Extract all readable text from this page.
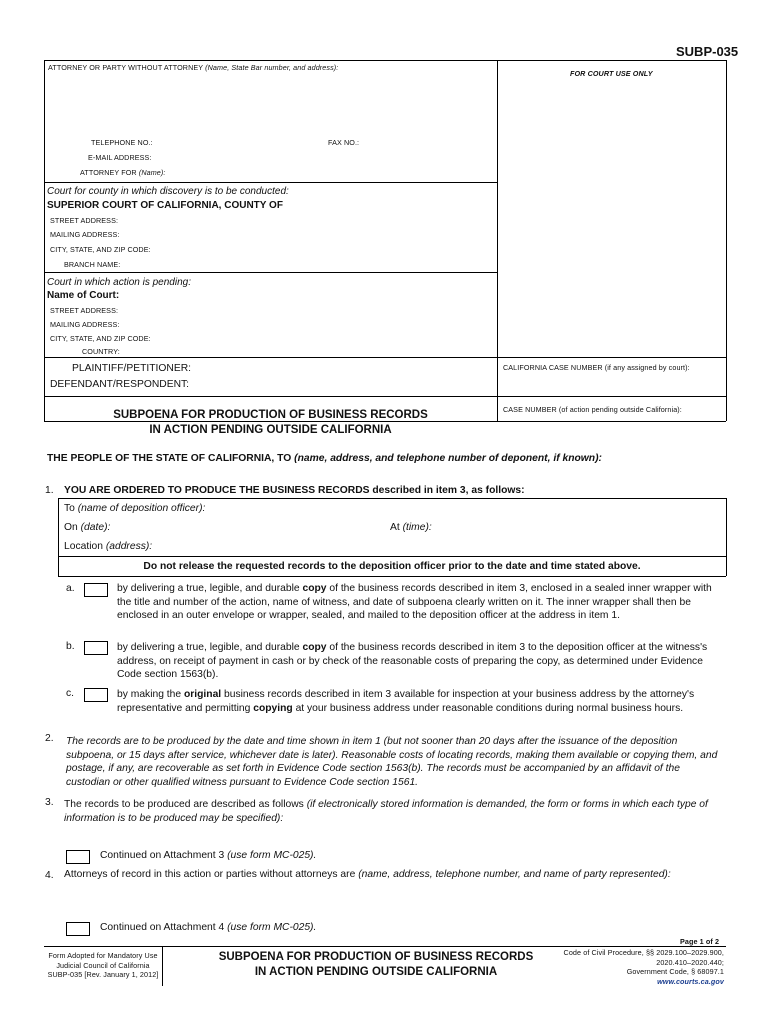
SUBP-035
ATTORNEY OR PARTY WITHOUT ATTORNEY (Name, State Bar number, and address):
FOR COURT USE ONLY
TELEPHONE NO.:	FAX NO.:
E-MAIL ADDRESS:
ATTORNEY FOR (Name):
Court for county in which discovery is to be conducted:
SUPERIOR COURT OF CALIFORNIA, COUNTY OF
STREET ADDRESS:
MAILING ADDRESS:
CITY, STATE, AND ZIP CODE:
BRANCH NAME:
Court in which action is pending:
Name of Court:
STREET ADDRESS:
MAILING ADDRESS:
CITY, STATE, AND ZIP CODE:
COUNTRY:
PLAINTIFF/PETITIONER:
DEFENDANT/RESPONDENT:
CALIFORNIA CASE NUMBER (if any assigned by court):
CASE NUMBER (of action pending outside California):
SUBPOENA FOR PRODUCTION OF BUSINESS RECORDS
IN ACTION PENDING OUTSIDE CALIFORNIA
THE PEOPLE OF THE STATE OF CALIFORNIA, TO (name, address, and telephone number of deponent, if known):
1. YOU ARE ORDERED TO PRODUCE THE BUSINESS RECORDS described in item 3, as follows:
To (name of deposition officer):
On (date):	At (time):
Location (address):
Do not release the requested records to the deposition officer prior to the date and time stated above.
a.	by delivering a true, legible, and durable copy of the business records described in item 3, enclosed in a sealed inner wrapper with the title and number of the action, name of witness, and date of subpoena clearly written on it. The inner wrapper shall then be enclosed in an outer envelope or wrapper, sealed, and mailed to the deposition officer at the address in item 1.
b.	by delivering a true, legible, and durable copy of the business records described in item 3 to the deposition officer at the witness's address, on receipt of payment in cash or by check of the reasonable costs of preparing the copy, as determined under Evidence Code section 1563(b).
c.	by making the original business records described in item 3 available for inspection at your business address by the attorney's representative and permitting copying at your business address under reasonable conditions during normal business hours.
2. The records are to be produced by the date and time shown in item 1 (but not sooner than 20 days after the issuance of the deposition subpoena, or 15 days after service, whichever date is later). Reasonable costs of locating records, making them available or copying them, and postage, if any, are recoverable as set forth in Evidence Code section 1563(b). The records must be accompanied by an affidavit of the custodian or other qualified witness pursuant to Evidence Code section 1561.
3. The records to be produced are described as follows (if electronically stored information is demanded, the form or forms in which each type of information is to be produced may be specified):
Continued on Attachment 3 (use form MC-025).
4. Attorneys of record in this action or parties without attorneys are (name, address, telephone number, and name of party represented):
Continued on Attachment 4 (use form MC-025).
Page 1 of 2
Form Adopted for Mandatory Use
Judicial Council of California
SUBP-035 [Rev. January 1, 2012]
SUBPOENA FOR PRODUCTION OF BUSINESS RECORDS
IN ACTION PENDING OUTSIDE CALIFORNIA
Code of Civil Procedure, §§ 2029.100–2029.900,
2020.410–2020.440;
Government Code, § 68097.1
www.courts.ca.gov
